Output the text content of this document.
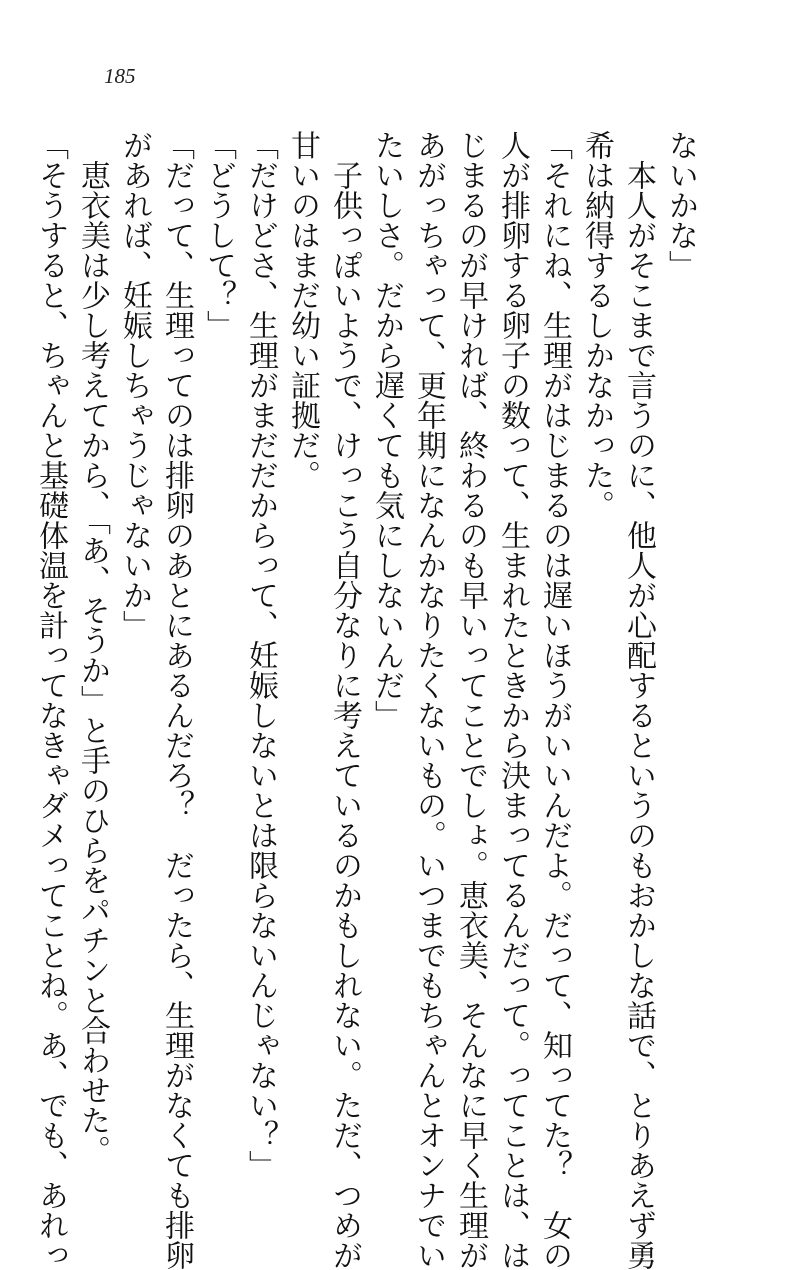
185
ないかな」
　本人がそこまで言うのに、他人が心配するというのもおかしな話で、とりあえず勇
希は納得するしかなかった。
「それにね、生理がはじまるのは遅いほうがいいんだよ。だって、知ってた？　女の
人が排卵する卵子の数って、生まれたときから決まってるんだって。ってことは、は
じまるのが早ければ、終わるのも早いってことでしょ。恵衣美、そんなに早く生理が
あがっちゃって、更年期になんかなりたくないもの。いつまでもちゃんとオンナでい
たいしさ。だから遅くても気にしないんだ」
　子供っぽいようで、けっこう自分なりに考えているのかもしれない。ただ、つめが
甘いのはまだ幼い証拠だ。
「だけどさ、生理がまだだからって、妊娠しないとは限らないんじゃない？」
「どうして？」
「だって、生理ってのは排卵のあとにあるんだろ？　だったら、生理がなくても排卵
があれば、妊娠しちゃうじゃないか」
　恵衣美は少し考えてから、「あ、そうか」と手のひらをパチンと合わせた。
「そうすると、ちゃんと基礎体温を計ってなきゃダメってことね。あ、でも、あれっ
